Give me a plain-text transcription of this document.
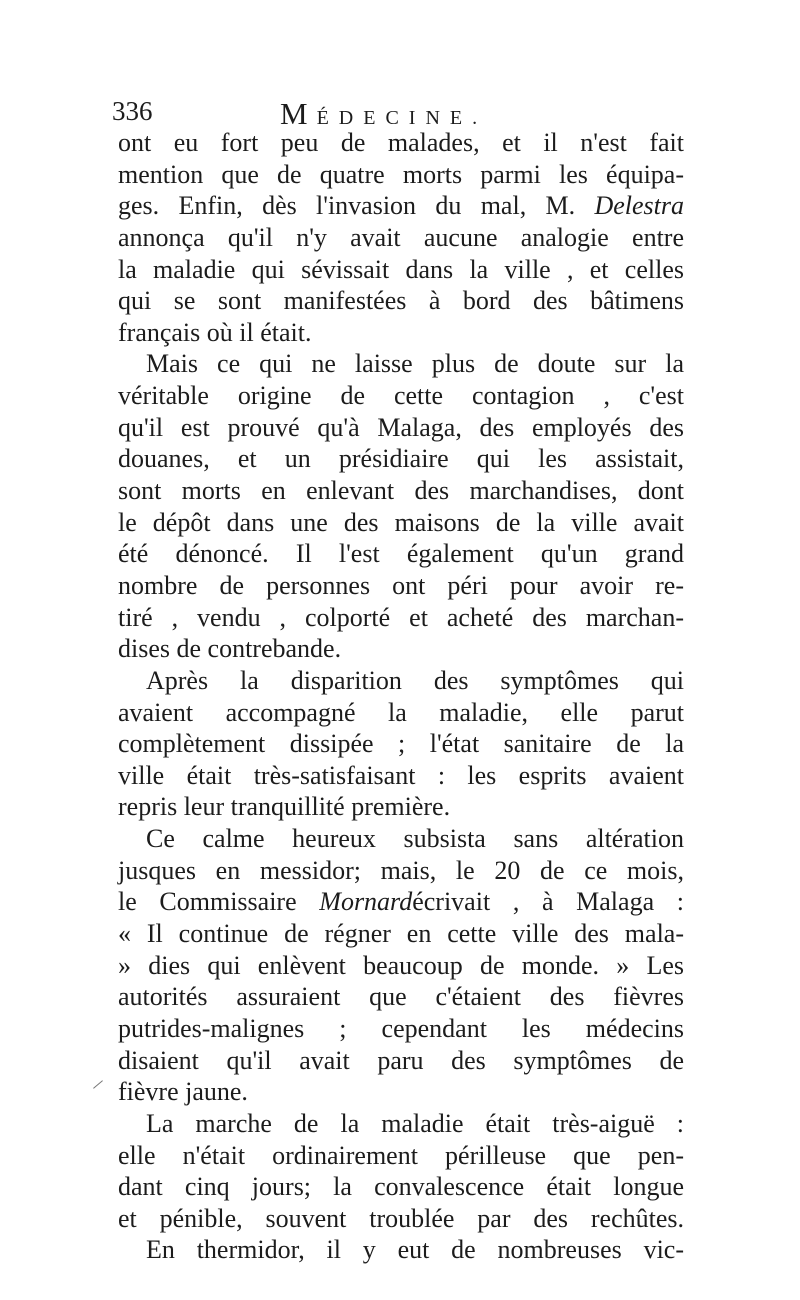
336	MÉDECINE.
ont eu fort peu de malades, et il n'est fait
mention que de quatre morts parmi les équipa-
ges. Enfin, dès l'invasion du mal, M. Delestra
annonça qu'il n'y avait aucune analogie entre
la maladie qui sévissait dans la ville , et celles
qui se sont manifestées à bord des bâtimens
français où il était.
Mais ce qui ne laisse plus de doute sur la
véritable origine de cette contagion , c'est
qu'il est prouvé qu'à Malaga, des employés des
douanes, et un présidiaire qui les assistait,
sont morts en enlevant des marchandises, dont
le dépôt dans une des maisons de la ville avait
été dénoncé. Il l'est également qu'un grand
nombre de personnes ont péri pour avoir re-
tiré , vendu , colporté et acheté des marchan-
dises de contrebande.
Après la disparition des symptômes qui
avaient accompagné la maladie, elle parut
complètement dissipée ; l'état sanitaire de la
ville était très-satisfaisant : les esprits avaient
repris leur tranquillité première.
Ce calme heureux subsista sans altération
jusques en messidor; mais, le 20 de ce mois,
le Commissaire Mornardécrivait , à Malaga :
« Il continue de régner en cette ville des mala-
» dies qui enlèvent beaucoup de monde. » Les
autorités assuraient que c'étaient des fièvres
putrides-malignes ; cependant les médecins
disaient qu'il avait paru des symptômes de
fièvre jaune.
La marche de la maladie était très-aiguë :
elle n'était ordinairement périlleuse que pen-
dant cinq jours; la convalescence était longue
et pénible, souvent troublée par des rechûtes.
En thermidor, il y eut de nombreuses vic-
